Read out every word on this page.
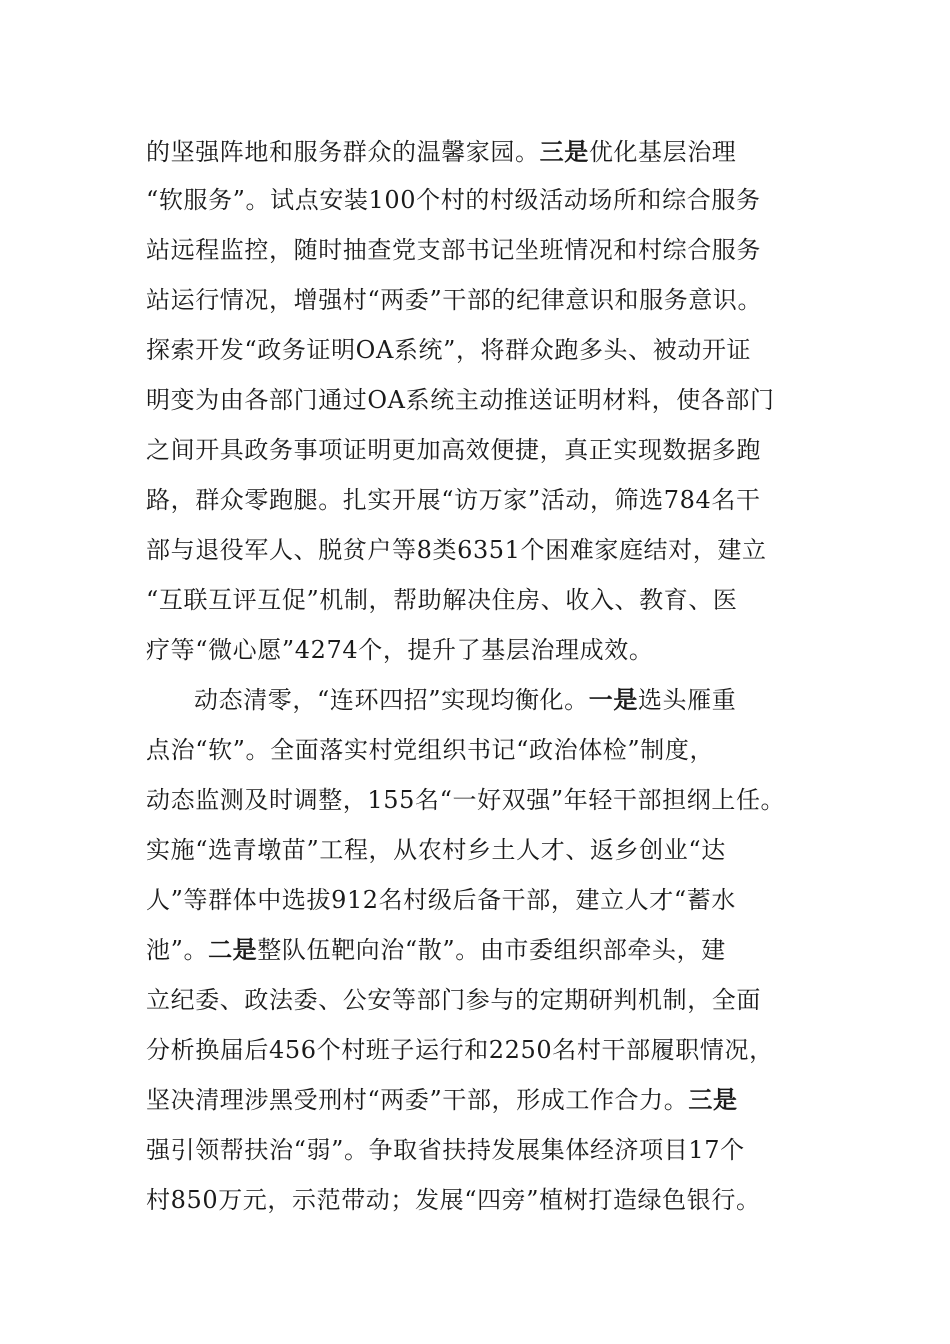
的坚强阵地和服务群众的温馨家园。三是优化基层治理
“软服务”。试点安装100个村的村级活动场所和综合服务
站远程监控，随时抽查党支部书记坐班情况和村综合服务
站运行情况，增强村“两委”干部的纪律意识和服务意识。
探索开发“政务证明OA系统”，将群众跑多头、被动开证
明变为由各部门通过OA系统主动推送证明材料，使各部门
之间开具政务事项证明更加高效便捷，真正实现数据多跑
路，群众零跑腿。扎实开展“访万家”活动，筛选784名干
部与退役军人、脱贫户等8类6351个困难家庭结对，建立
“互联互评互促”机制，帮助解决住房、收入、教育、医
疗等“微心愿”4274个，提升了基层治理成效。
动态清零，“连环四招”实现均衡化。一是选头雁重
点治“软”。全面落实村党组织书记“政治体检”制度，
动态监测及时调整，155名“一好双强”年轻干部担纲上任。
实施“选青墩苗”工程，从农村乡土人才、返乡创业“达
人”等群体中选拔912名村级后备干部，建立人才“蓄水
池”。二是整队伍靶向治“散”。由市委组织部牵头，建
立纪委、政法委、公安等部门参与的定期研判机制，全面
分析换届后456个村班子运行和2250名村干部履职情况，
坚决清理涉黑受刑村“两委”干部，形成工作合力。三是
强引领帮扶治“弱”。争取省扶持发展集体经济项目17个
村850万元，示范带动；发展“四旁”植树打造绿色银行。
